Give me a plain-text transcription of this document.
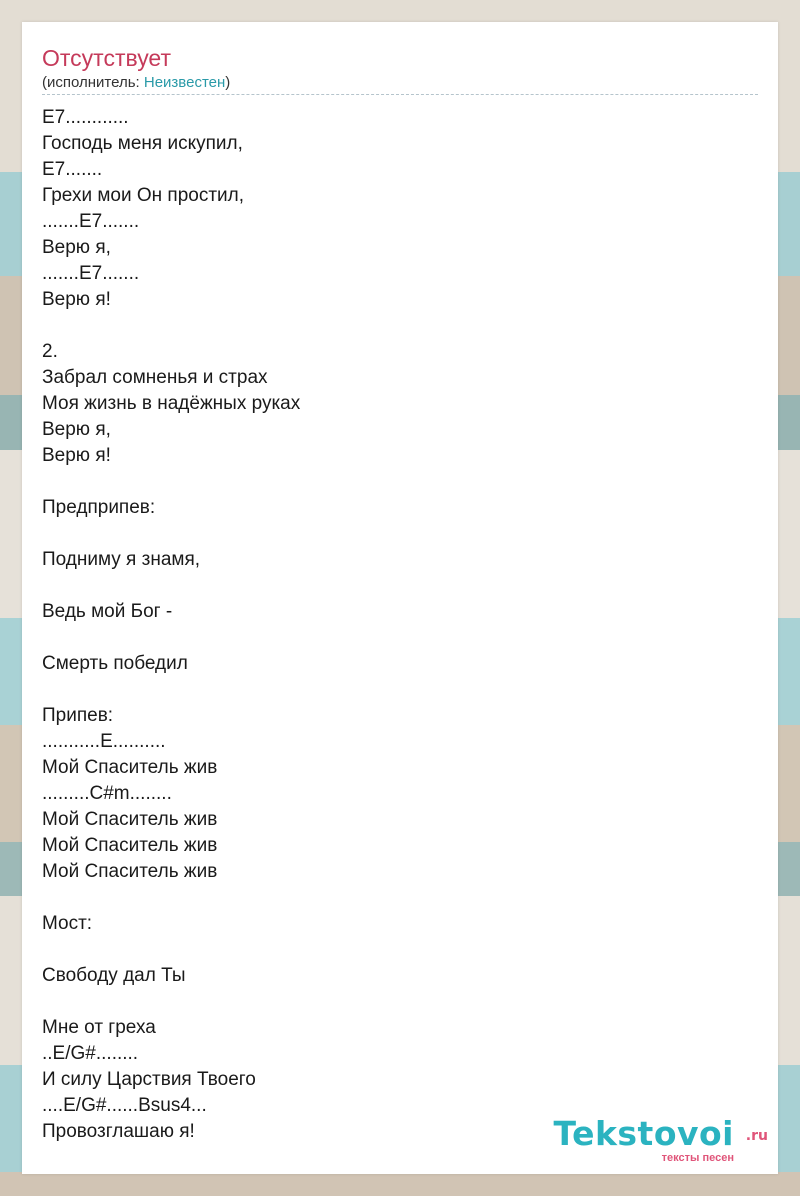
Отсутствует
(исполнитель: Неизвестен)
E7............
Господь меня искупил,
E7.......
Грехи мои Он простил,
.......E7.......
Верю я,
.......E7.......
Верю я!
2.
Забрал сомненья и страх
Моя жизнь в надёжных руках
Верю я,
Верю я!
Предприпев:
Подниму я знамя,
Ведь мой Бог -
Смерть победил
Припев:
...........E..........
Мой Спаситель жив
.........C#m........
Мой Спаситель жив
Мой Спаситель жив
Мой Спаситель жив
Мост:
Свободу дал Ты
Мне от греха
..E/G#........
И силу Царствия Твоего
....E/G#......Bsus4...
Провозглашаю я!	Tekstovoi .ru
тексты песен
